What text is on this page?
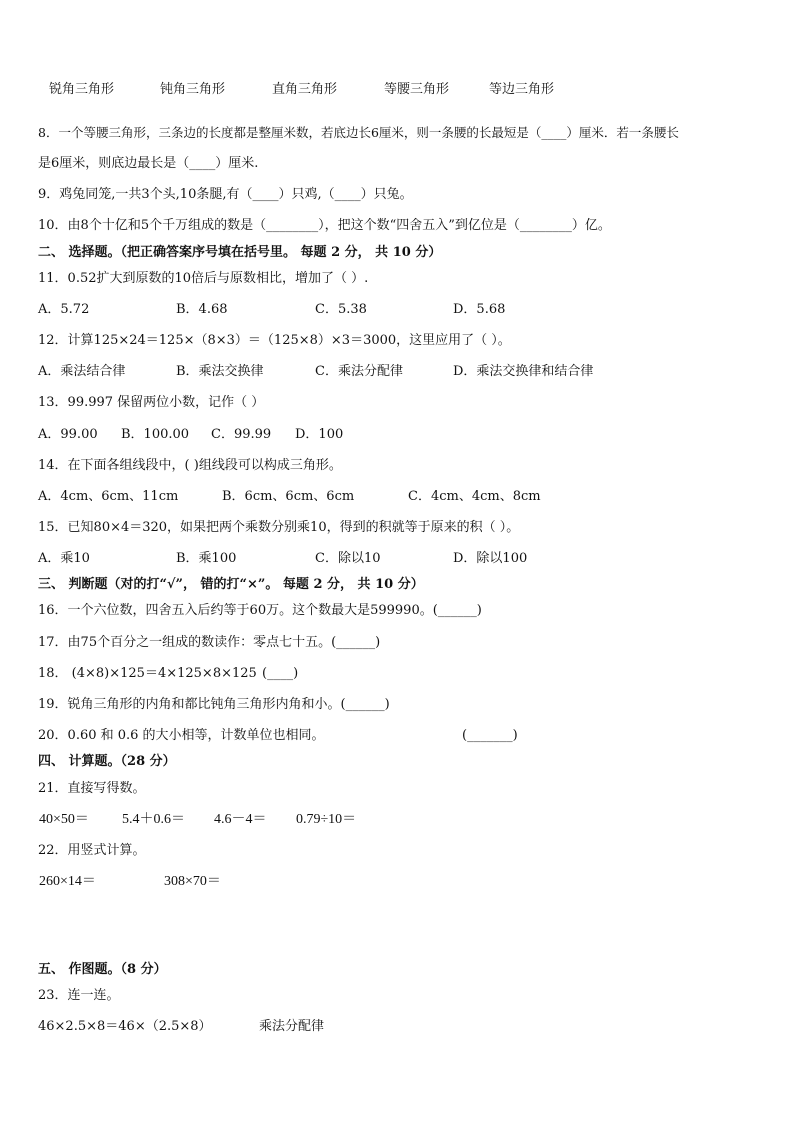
锐角三角形	钝角三角形	直角三角形	等腰三角形	等边三角形
8．一个等腰三角形，三条边的长度都是整厘米数，若底边长6厘米，则一条腰的长最短是（____）厘米．若一条腰长
是6厘米，则底边最长是（____）厘米.
9．鸡兔同笼,一共3个头,10条腿,有（____）只鸡,（____）只兔。
10．由8个十亿和5个千万组成的数是（________），把这个数“四舍五入”到亿位是（________）亿。
二、 选择题。（把正确答案序号填在括号里。 每题 2 分， 共 10 分）
11．0.52扩大到原数的10倍后与原数相比，增加了（ ）.
A．5.72	B．4.68	C．5.38	D．5.68
12．计算125×24＝125×（8×3）＝（125×8）×3＝3000，这里应用了（ ）。
A．乘法结合律	B．乘法交换律	C．乘法分配律	D．乘法交换律和结合律
13．99.997 保留两位小数，记作（ ）
A．99.00 B．100.00 C．99.99 D．100
14．在下面各组线段中，( )组线段可以构成三角形。
A．4cm、6cm、11cm	B．6cm、6cm、6cm	C．4cm、4cm、8cm
15．已知80×4＝320，如果把两个乘数分别乘10，得到的积就等于原来的积（ ）。
A．乘10	B．乘100	C．除以10	D．除以100
三、 判断题（对的打“√”， 错的打“×”。 每题 2 分， 共 10 分）
16．一个六位数，四舍五入后约等于60万。这个数最大是599990。(______)
17．由75个百分之一组成的数读作：零点七十五。(______)
18． (4×8)×125＝4×125×8×125 (____)
19．锐角三角形的内角和都比钝角三角形内角和小。(______)
20．0.60 和 0.6 的大小相等，计数单位也相同。	(_______)
四、 计算题。（28 分）
21．直接写得数。
40×50＝ 5.4＋0.6＝ 4.6－4＝ 0.79÷10＝
22．用竖式计算。
260×14＝	308×70＝
五、 作图题。（8 分）
23．连一连。
46×2.5×8＝46×（2.5×8）	乘法分配律
